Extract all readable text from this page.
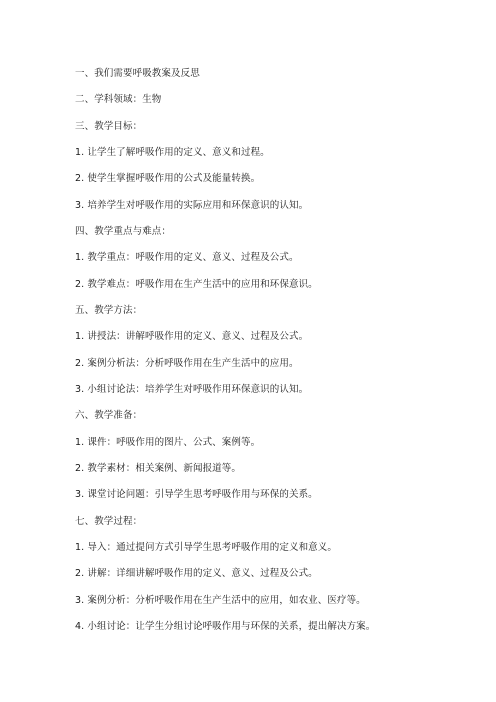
一、我们需要呼吸教案及反思
二、学科领域：生物
三、教学目标：
1. 让学生了解呼吸作用的定义、意义和过程。
2. 使学生掌握呼吸作用的公式及能量转换。
3. 培养学生对呼吸作用的实际应用和环保意识的认知。
四、教学重点与难点：
1. 教学重点：呼吸作用的定义、意义、过程及公式。
2. 教学难点：呼吸作用在生产生活中的应用和环保意识。
五、教学方法：
1. 讲授法：讲解呼吸作用的定义、意义、过程及公式。
2. 案例分析法：分析呼吸作用在生产生活中的应用。
3. 小组讨论法：培养学生对呼吸作用环保意识的认知。
六、教学准备：
1. 课件：呼吸作用的图片、公式、案例等。
2. 教学素材：相关案例、新闻报道等。
3. 课堂讨论问题：引导学生思考呼吸作用与环保的关系。
七、教学过程：
1. 导入：通过提问方式引导学生思考呼吸作用的定义和意义。
2. 讲解：详细讲解呼吸作用的定义、意义、过程及公式。
3. 案例分析：分析呼吸作用在生产生活中的应用，如农业、医疗等。
4. 小组讨论：让学生分组讨论呼吸作用与环保的关系，提出解决方案。
